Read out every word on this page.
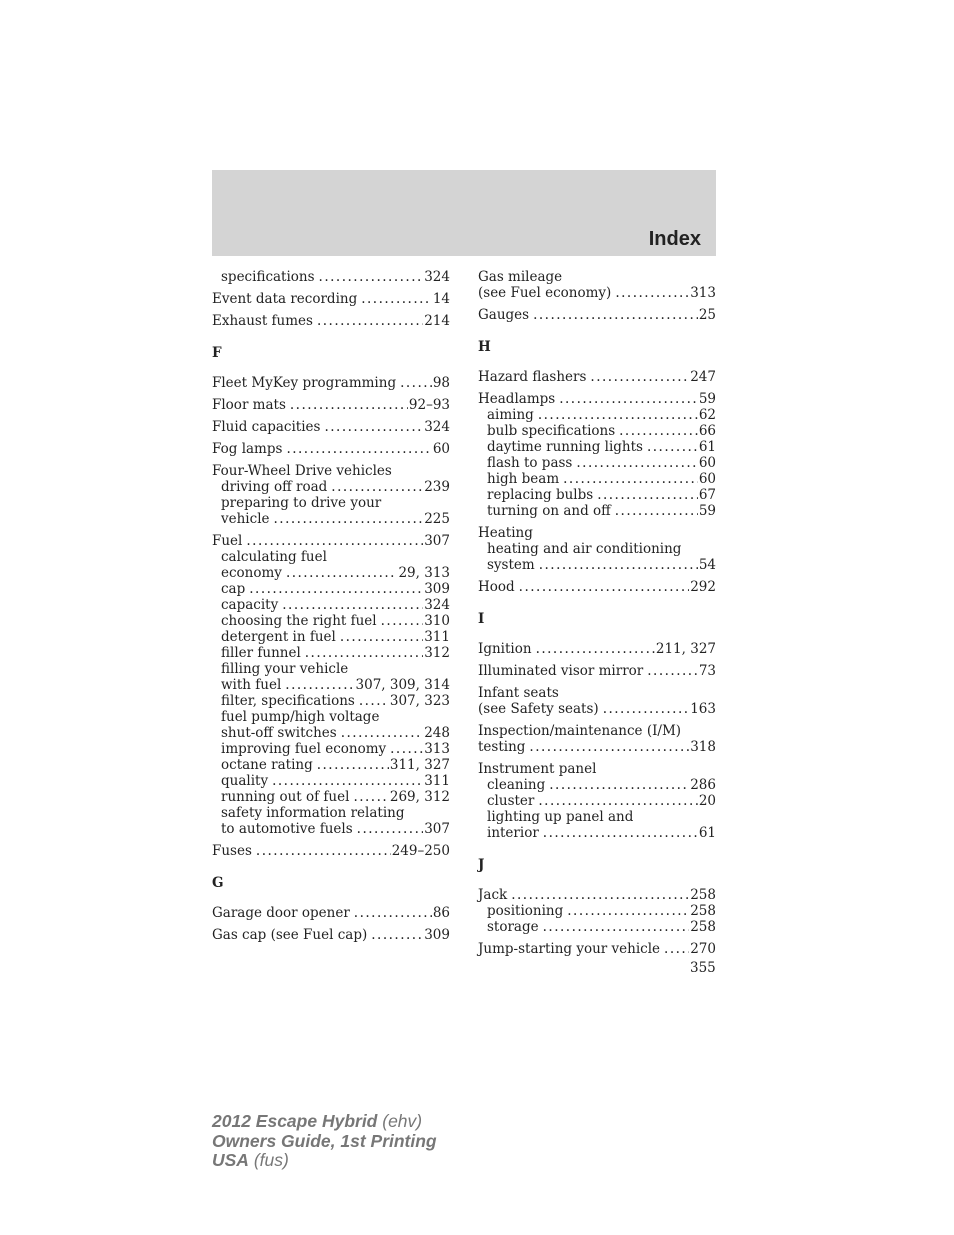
Index
specifications .....	324
Event data recording .....	14
Exhaust fumes .....	214
F
Fleet MyKey programming .....	98
Floor mats .....	92–93
Fluid capacities .....	324
Fog lamps .....	60
Four-Wheel Drive vehicles
driving off road .....	239
preparing to drive your
vehicle .....	225
Fuel .....	307
calculating fuel
economy .....	29, 313
cap .....	309
capacity .....	324
choosing the right fuel .....	310
detergent in fuel .....	311
filler funnel .....	312
filling your vehicle
with fuel .....	307, 309, 314
filter, specifications .....	307, 323
fuel pump/high voltage
shut-off switches .....	248
improving fuel economy .....	313
octane rating .....	311, 327
quality .....	311
running out of fuel .....	269, 312
safety information relating
to automotive fuels .....	307
Fuses .....	249–250
G
Garage door opener .....	86
Gas cap (see Fuel cap) .....	309
Gas mileage
(see Fuel economy) .....	313
Gauges .....	25
H
Hazard flashers .....	247
Headlamps .....	59
aiming .....	62
bulb specifications .....	66
daytime running lights .....	61
flash to pass .....	60
high beam .....	60
replacing bulbs .....	67
turning on and off .....	59
Heating
heating and air conditioning
system .....	54
Hood .....	292
I
Ignition .....	211, 327
Illuminated visor mirror .....	73
Infant seats
(see Safety seats) .....	163
Inspection/maintenance (I/M)
testing .....	318
Instrument panel
cleaning .....	286
cluster .....	20
lighting up panel and
interior .....	61
J
Jack .....	258
positioning .....	258
storage .....	258
Jump-starting your vehicle ..... 270
355
2012 Escape Hybrid (ehv)
Owners Guide, 1st Printing
USA (fus)
